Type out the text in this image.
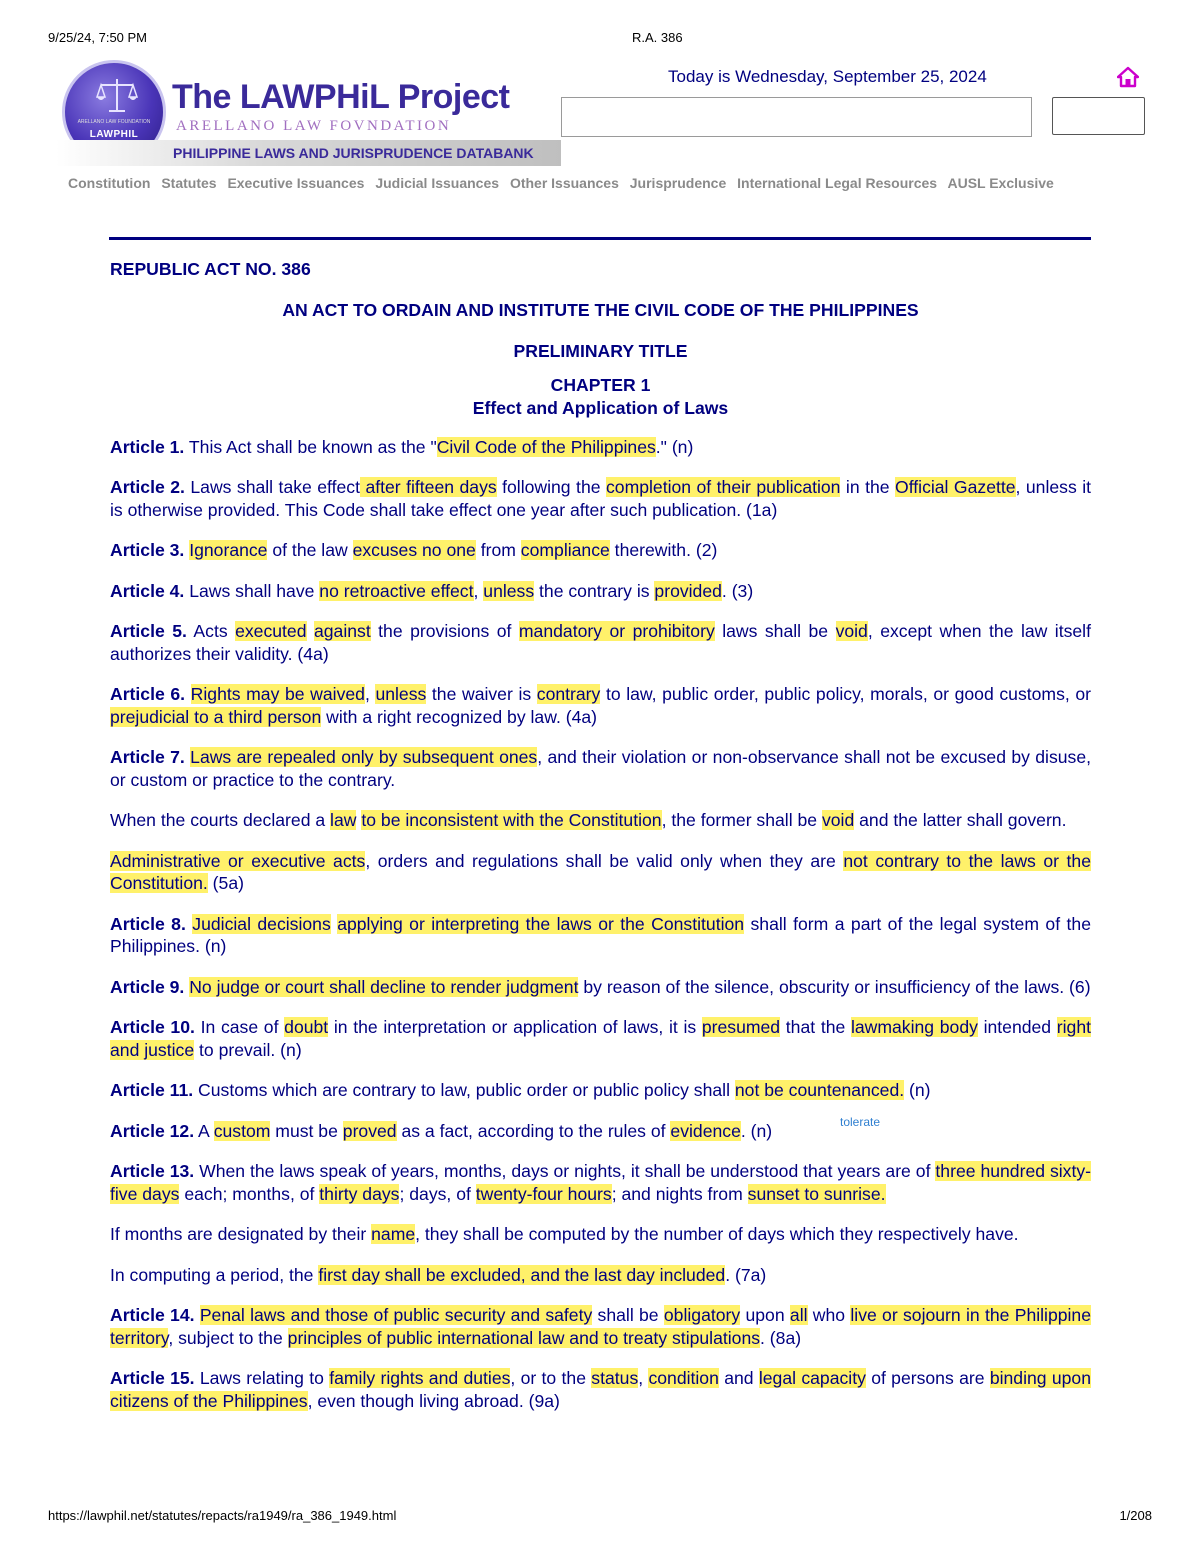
9/25/24, 7:50 PM	R.A. 386
ARELLANO LAW FOUNDATION
LAWPHIL
The LAWPHiL Project
ARELLANO LAW FOVNDATION
PHILIPPINE LAWS AND JURISPRUDENCE DATABANK
Today is Wednesday, September 25, 2024
Constitution Statutes Executive Issuances Judicial Issuances Other Issuances Jurisprudence International Legal Resources AUSL Exclusive

REPUBLIC ACT NO. 386

AN ACT TO ORDAIN AND INSTITUTE THE CIVIL CODE OF THE PHILIPPINES

PRELIMINARY TITLE

CHAPTER 1

Effect and Application of Laws

Article 1. This Act shall be known as the "Civil Code of the Philippines." (n)

Article 2. Laws shall take effect after fifteen days following the completion of their publication in the Official Gazette, unless it is otherwise provided. This Code shall take effect one year after such publication. (1a)

Article 3. Ignorance of the law excuses no one from compliance therewith. (2)

Article 4. Laws shall have no retroactive effect, unless the contrary is provided. (3)

Article 5. Acts executed against the provisions of mandatory or prohibitory laws shall be void, except when the law itself authorizes their validity. (4a)

Article 6. Rights may be waived, unless the waiver is contrary to law, public order, public policy, morals, or good customs, or prejudicial to a third person with a right recognized by law. (4a)

Article 7. Laws are repealed only by subsequent ones, and their violation or non-observance shall not be excused by disuse, or custom or practice to the contrary.

When the courts declared a law to be inconsistent with the Constitution, the former shall be void and the latter shall govern.

Administrative or executive acts, orders and regulations shall be valid only when they are not contrary to the laws or the Constitution. (5a)

Article 8. Judicial decisions applying or interpreting the laws or the Constitution shall form a part of the legal system of the Philippines. (n)

Article 9. No judge or court shall decline to render judgment by reason of the silence, obscurity or insufficiency of the laws. (6)

Article 10. In case of doubt in the interpretation or application of laws, it is presumed that the lawmaking body intended right and justice to prevail. (n)

Article 11. Customs which are contrary to law, public order or public policy shall not be countenanced. (n)

Article 12. A custom must be proved as a fact, according to the rules of evidence. (n)

Article 13. When the laws speak of years, months, days or nights, it shall be understood that years are of three hundred sixty-five days each; months, of thirty days; days, of twenty-four hours; and nights from sunset to sunrise.

If months are designated by their name, they shall be computed by the number of days which they respectively have.

In computing a period, the first day shall be excluded, and the last day included. (7a)

Article 14. Penal laws and those of public security and safety shall be obligatory upon all who live or sojourn in the Philippine territory, subject to the principles of public international law and to treaty stipulations. (8a)

Article 15. Laws relating to family rights and duties, or to the status, condition and legal capacity of persons are binding upon citizens of the Philippines, even though living abroad. (9a)

tolerate
https://lawphil.net/statutes/repacts/ra1949/ra_386_1949.html	1/208
